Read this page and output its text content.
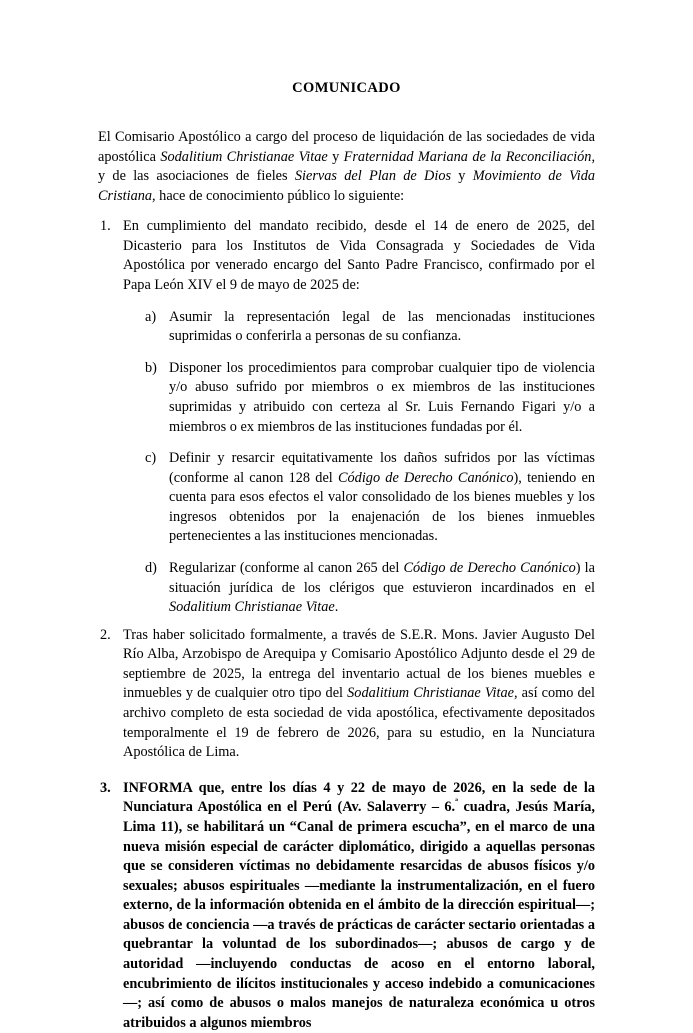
COMUNICADO

El Comisario Apostólico a cargo del proceso de liquidación de las sociedades de vida apostólica Sodalitium Christianae Vitae y Fraternidad Mariana de la Reconciliación, y de las asociaciones de fieles Siervas del Plan de Dios y Movimiento de Vida Cristiana, hace de conocimiento público lo siguiente:

1. En cumplimiento del mandato recibido, desde el 14 de enero de 2025, del Dicasterio para los Institutos de Vida Consagrada y Sociedades de Vida Apostólica por venerado encargo del Santo Padre Francisco, confirmado por el Papa León XIV el 9 de mayo de 2025 de:
a) Asumir la representación legal de las mencionadas instituciones suprimidas o conferirla a personas de su confianza.
b) Disponer los procedimientos para comprobar cualquier tipo de violencia y/o abuso sufrido por miembros o ex miembros de las instituciones suprimidas y atribuido con certeza al Sr. Luis Fernando Figari y/o a miembros o ex miembros de las instituciones fundadas por él.
c) Definir y resarcir equitativamente los daños sufridos por las víctimas (conforme al canon 128 del Código de Derecho Canónico), teniendo en cuenta para esos efectos el valor consolidado de los bienes muebles y los ingresos obtenidos por la enajenación de los bienes inmuebles pertenecientes a las instituciones mencionadas.
d) Regularizar (conforme al canon 265 del Código de Derecho Canónico) la situación jurídica de los clérigos que estuvieron incardinados en el Sodalitium Christianae Vitae.
2. Tras haber solicitado formalmente, a través de S.E.R. Mons. Javier Augusto Del Río Alba, Arzobispo de Arequipa y Comisario Apostólico Adjunto desde el 29 de septiembre de 2025, la entrega del inventario actual de los bienes muebles e inmuebles y de cualquier otro tipo del Sodalitium Christianae Vitae, así como del archivo completo de esta sociedad de vida apostólica, efectivamente depositados temporalmente el 19 de febrero de 2026, para su estudio, en la Nunciatura Apostólica de Lima.
3. INFORMA que, entre los días 4 y 22 de mayo de 2026, en la sede de la Nunciatura Apostólica en el Perú (Av. Salaverry – 6.$^ª$ cuadra, Jesús María, Lima 11), se habilitará un “Canal de primera escucha”, en el marco de una nueva misión especial de carácter diplomático, dirigido a aquellas personas que se consideren víctimas no debidamente resarcidas de abusos físicos y/o sexuales; abusos espirituales —mediante la instrumentalización, en el fuero externo, de la información obtenida en el ámbito de la dirección espiritual—; abusos de conciencia —a través de prácticas de carácter sectario orientadas a quebrantar la voluntad de los subordinados—; abusos de cargo y de autoridad —incluyendo conductas de acoso en el entorno laboral, encubrimiento de ilícitos institucionales y acceso indebido a comunicaciones—; así como de abusos o malos manejos de naturaleza económica u otros atribuidos a algunos miembros
